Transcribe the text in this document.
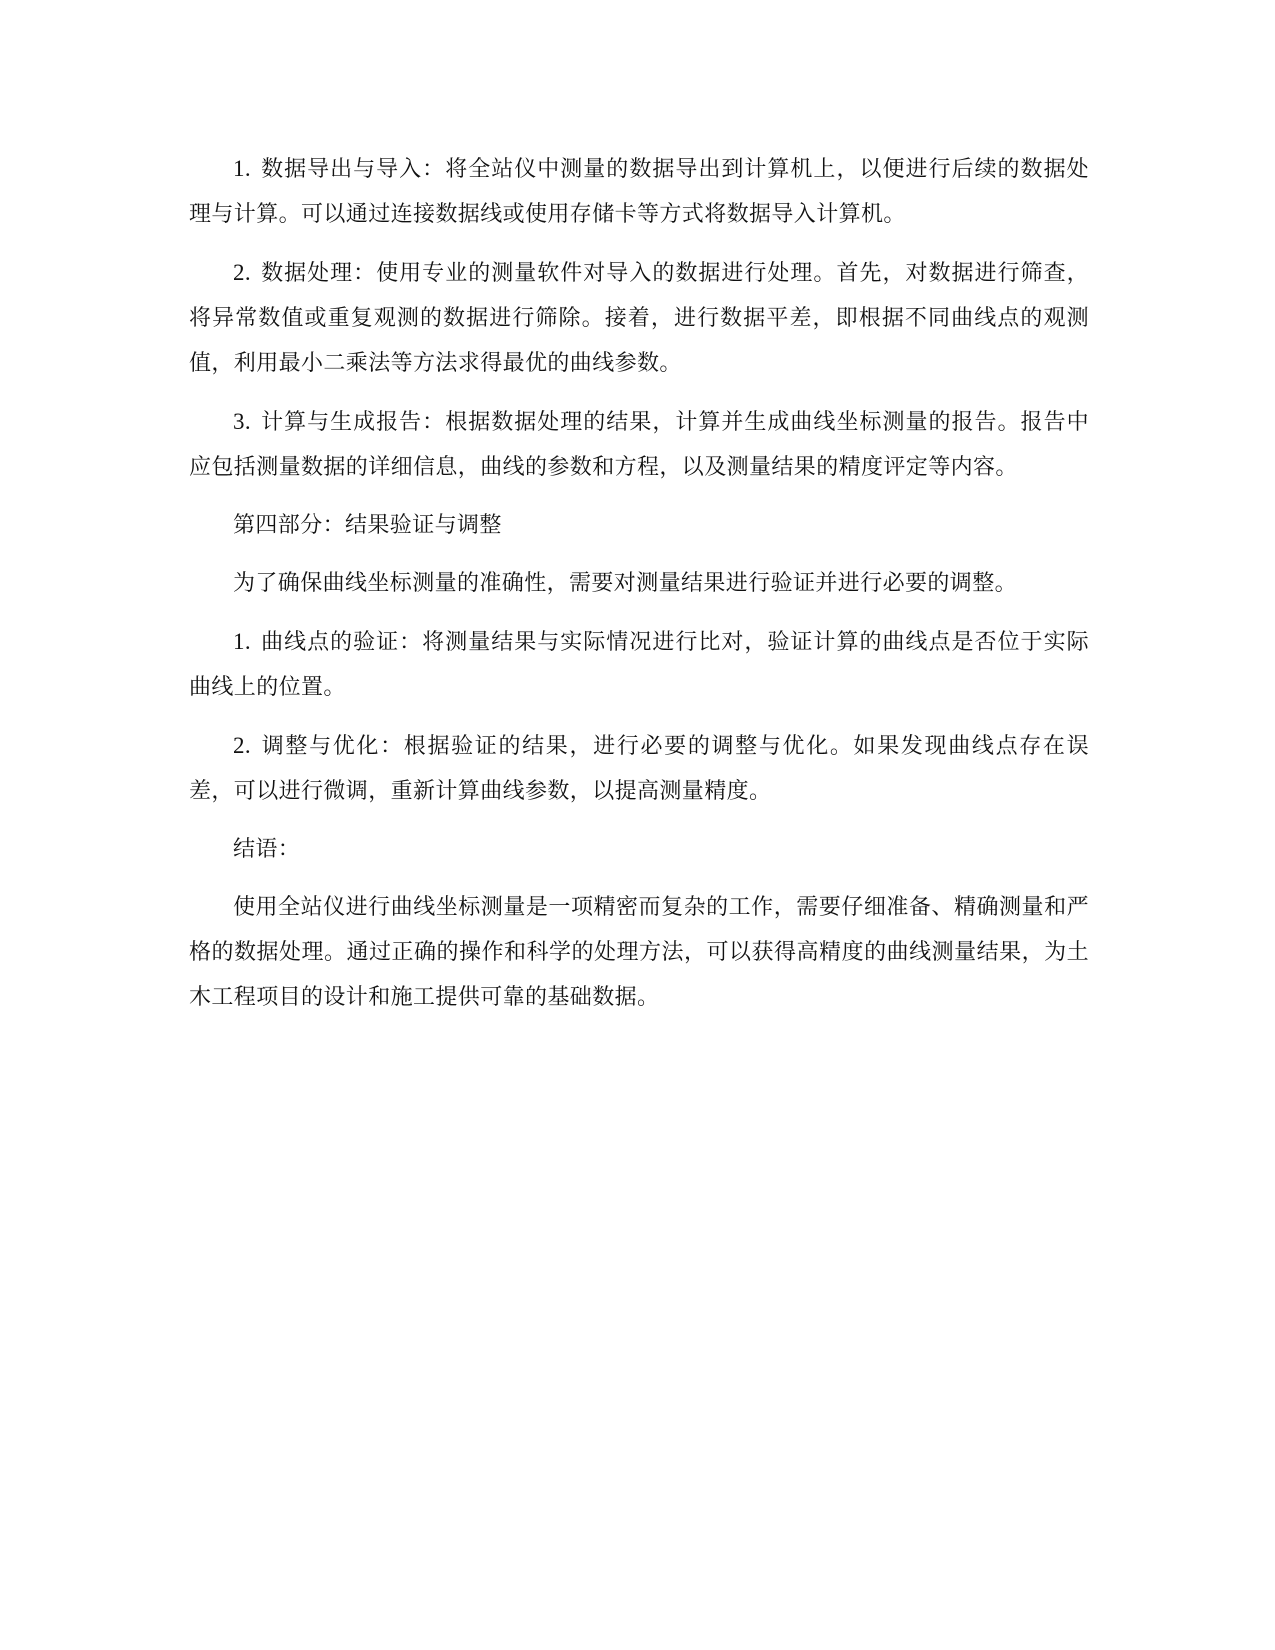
1. 数据导出与导入：将全站仪中测量的数据导出到计算机上，以便进行后续的数据处理与计算。可以通过连接数据线或使用存储卡等方式将数据导入计算机。

2. 数据处理：使用专业的测量软件对导入的数据进行处理。首先，对数据进行筛查，将异常数值或重复观测的数据进行筛除。接着，进行数据平差，即根据不同曲线点的观测值，利用最小二乘法等方法求得最优的曲线参数。

3. 计算与生成报告：根据数据处理的结果，计算并生成曲线坐标测量的报告。报告中应包括测量数据的详细信息，曲线的参数和方程，以及测量结果的精度评定等内容。

第四部分：结果验证与调整

为了确保曲线坐标测量的准确性，需要对测量结果进行验证并进行必要的调整。

1. 曲线点的验证：将测量结果与实际情况进行比对，验证计算的曲线点是否位于实际曲线上的位置。

2. 调整与优化：根据验证的结果，进行必要的调整与优化。如果发现曲线点存在误差，可以进行微调，重新计算曲线参数，以提高测量精度。

结语：

使用全站仪进行曲线坐标测量是一项精密而复杂的工作，需要仔细准备、精确测量和严格的数据处理。通过正确的操作和科学的处理方法，可以获得高精度的曲线测量结果，为土木工程项目的设计和施工提供可靠的基础数据。
